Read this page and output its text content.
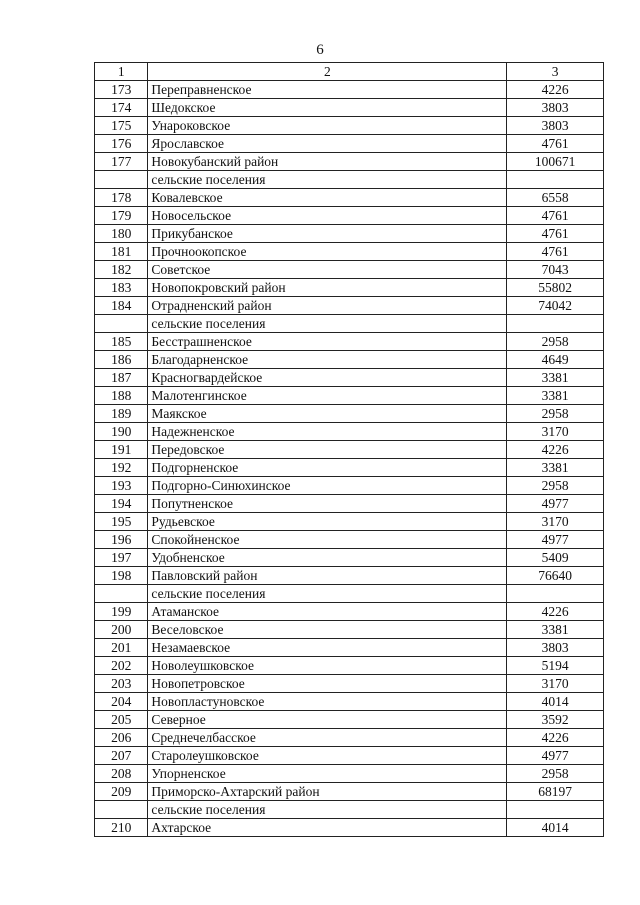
6
1	2	3
173	Переправненское	4226
174	Шедокское	3803
175	Унароковское	3803
176	Ярославское	4761
177	Новокубанский район	100671
	сельские поселения	
178	Ковалевское	6558
179	Новосельское	4761
180	Прикубанское	4761
181	Прочноокопское	4761
182	Советское	7043
183	Новопокровский район	55802
184	Отрадненский район	74042
	сельские поселения	
185	Бесстрашненское	2958
186	Благодарненское	4649
187	Красногвардейское	3381
188	Малотенгинское	3381
189	Маякское	2958
190	Надежненское	3170
191	Передовское	4226
192	Подгорненское	3381
193	Подгорно-Синюхинское	2958
194	Попутненское	4977
195	Рудьевское	3170
196	Спокойненское	4977
197	Удобненское	5409
198	Павловский район	76640
	сельские поселения	
199	Атаманское	4226
200	Веселовское	3381
201	Незамаевское	3803
202	Новолеушковское	5194
203	Новопетровское	3170
204	Новопластуновское	4014
205	Северное	3592
206	Среднечелбасское	4226
207	Старолеушковское	4977
208	Упорненское	2958
209	Приморско-Ахтарский район	68197
	сельские поселения	
210	Ахтарское	4014
